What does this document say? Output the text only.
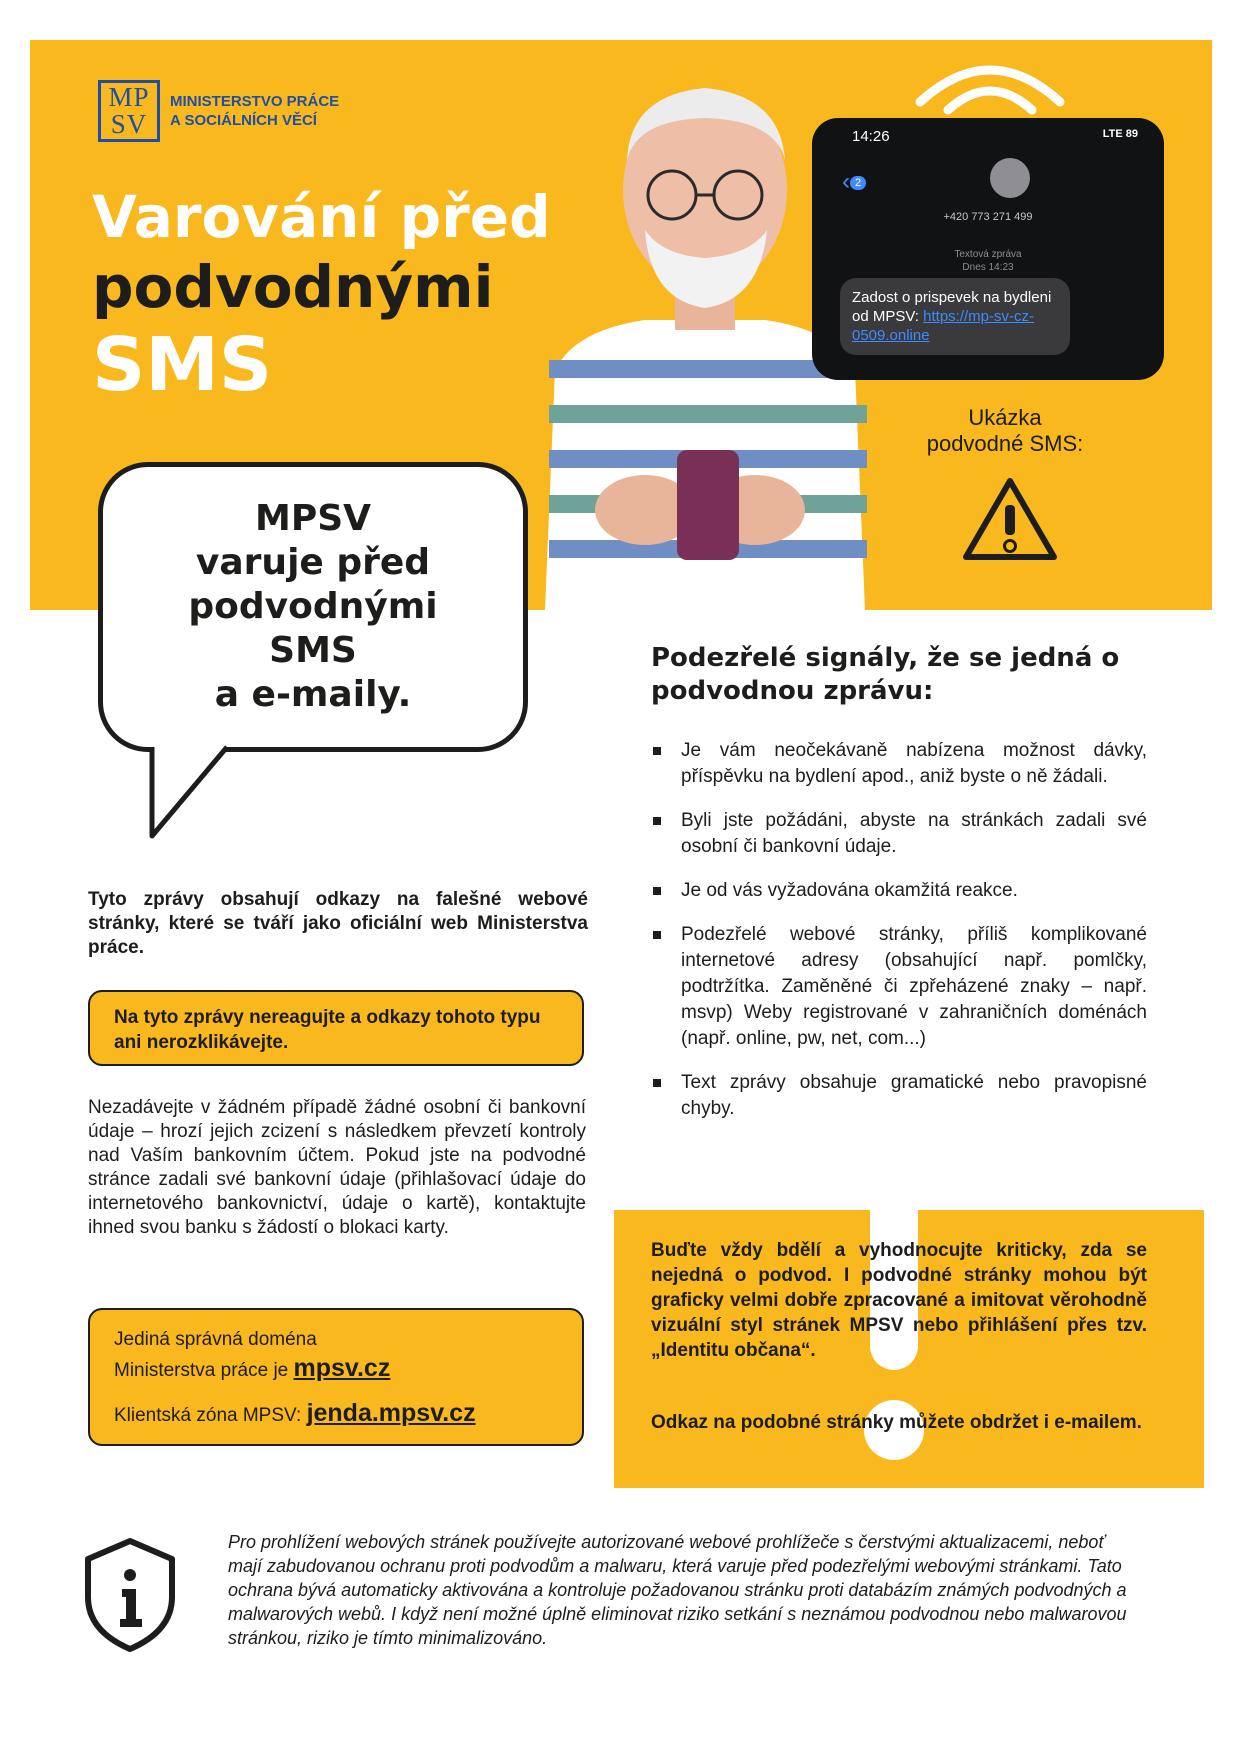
MP
SV
MINISTERSTVO PRÁCE
A SOCIÁLNÍCH VĚCÍ
Varování před
podvodnými
SMS
14:26	LTE 89
‹ 2
+420 773 271 499
Textová zpráva
Dnes 14:23
Zadost o prispevek na bydleni od MPSV: https://mp-sv-cz-0509.online
Ukázka
podvodné SMS:
MPSV
varuje před
podvodnými
SMS
a e-maily.

Tyto zprávy obsahují odkazy na falešné webové stránky, které se tváří jako oficiální web Ministerstva práce.

Na tyto zprávy nereagujte a odkazy tohoto typu ani nerozklikávejte.

Nezadávejte v žádném případě žádné osobní či bankovní údaje – hrozí jejich zcizení s následkem převzetí kontroly nad Vaším bankovním účtem. Pokud jste na podvodné stránce zadali své bankovní údaje (přihlašovací údaje do internetového bankovnictví, údaje o kartě), kontaktujte ihned svou banku s žádostí o blokaci karty.

Jediná správná doména
Ministerstva práce je mpsv.cz
Klientská zóna MPSV: jenda.mpsv.cz
Podezřelé signály, že se jedná o podvodnou zprávu:
Je vám neočekávaně nabízena možnost dávky, příspěvku na bydlení apod., aniž byste o ně žádali.
Byli jste požádáni, abyste na stránkách zadali své osobní či bankovní údaje.
Je od vás vyžadována okamžitá reakce.
Podezřelé webové stránky, příliš komplikované internetové adresy (obsahující např. pomlčky, podtržítka. Zaměněné či zpřeházené znaky – např. msvp) Weby registrované v zahraničních doménách (např. online, pw, net, com...)
Text zprávy obsahuje gramatické nebo pravopisné chyby.

Buďte vždy bdělí a vyhodnocujte kriticky, zda se nejedná o podvod. I podvodné stránky mohou být graficky velmi dobře zpracované a imitovat věrohodně vizuální styl stránek MPSV nebo přihlášení přes tzv. „Identitu občana“.

Odkaz na podobné stránky můžete obdržet i e-mailem.

Pro prohlížení webových stránek používejte autorizované webové prohlížeče s čerstvými aktualizacemi, neboť mají zabudovanou ochranu proti podvodům a malwaru, která varuje před podezřelými webovými stránkami. Tato ochrana bývá automaticky aktivována a kontroluje požadovanou stránku proti databázím známých podvodných a malwarových webů. I když není možné úplně eliminovat riziko setkání s neznámou podvodnou nebo malwarovou stránkou, riziko je tímto minimalizováno.
